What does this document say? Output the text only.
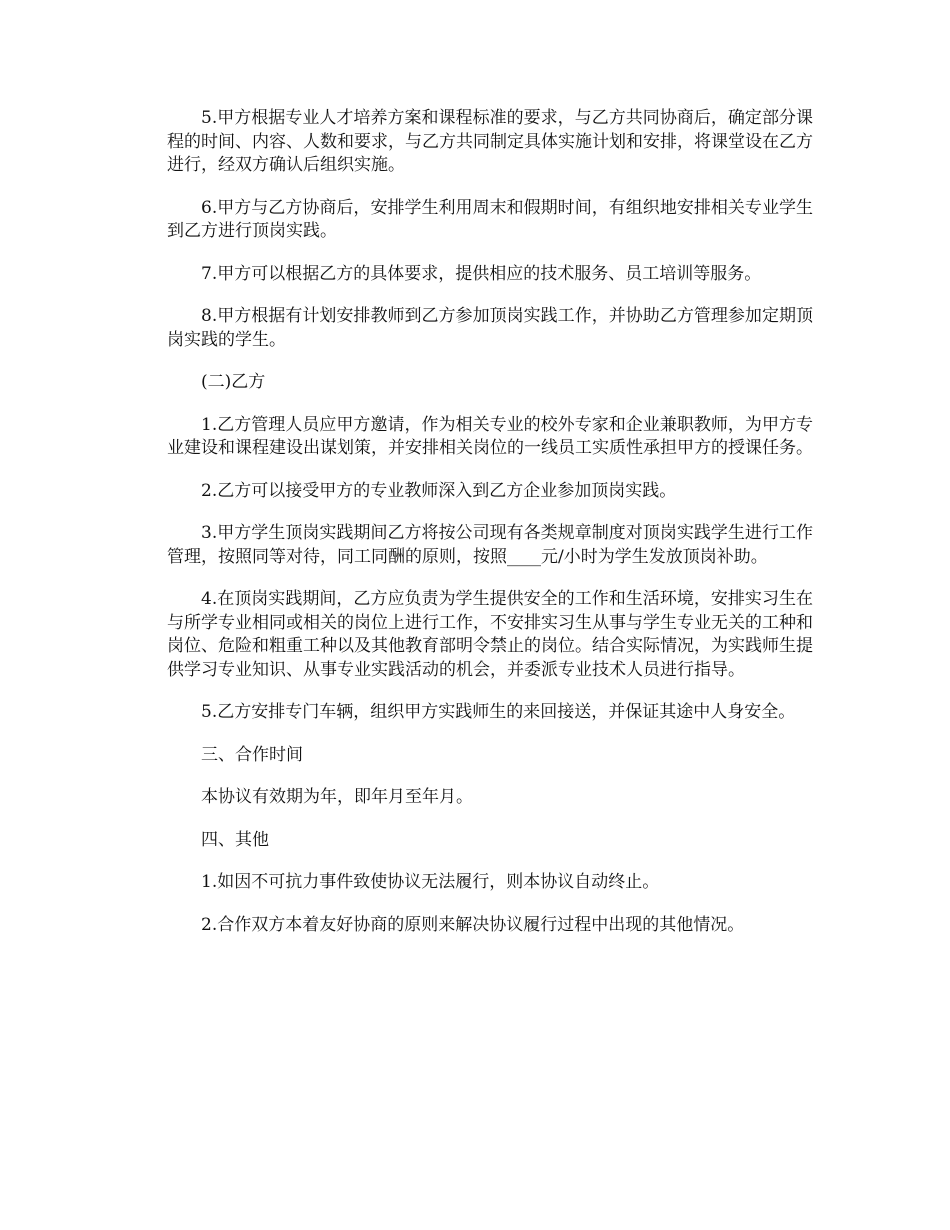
5.甲方根据专业人才培养方案和课程标准的要求，与乙方共同协商后，确定部分课程的时间、内容、人数和要求，与乙方共同制定具体实施计划和安排，将课堂设在乙方进行，经双方确认后组织实施。

6.甲方与乙方协商后，安排学生利用周末和假期时间，有组织地安排相关专业学生到乙方进行顶岗实践。

7.甲方可以根据乙方的具体要求，提供相应的技术服务、员工培训等服务。

8.甲方根据有计划安排教师到乙方参加顶岗实践工作，并协助乙方管理参加定期顶岗实践的学生。

(二)乙方

1.乙方管理人员应甲方邀请，作为相关专业的校外专家和企业兼职教师，为甲方专业建设和课程建设出谋划策，并安排相关岗位的一线员工实质性承担甲方的授课任务。

2.乙方可以接受甲方的专业教师深入到乙方企业参加顶岗实践。

3.甲方学生顶岗实践期间乙方将按公司现有各类规章制度对顶岗实践学生进行工作管理，按照同等对待，同工同酬的原则，按照____元/小时为学生发放顶岗补助。

4.在顶岗实践期间，乙方应负责为学生提供安全的工作和生活环境，安排实习生在与所学专业相同或相关的岗位上进行工作，不安排实习生从事与学生专业无关的工种和岗位、危险和粗重工种以及其他教育部明令禁止的岗位。结合实际情况，为实践师生提供学习专业知识、从事专业实践活动的机会，并委派专业技术人员进行指导。

5.乙方安排专门车辆，组织甲方实践师生的来回接送，并保证其途中人身安全。

三、合作时间

本协议有效期为年，即年月至年月。

四、其他

1.如因不可抗力事件致使协议无法履行，则本协议自动终止。

2.合作双方本着友好协商的原则来解决协议履行过程中出现的其他情况。
